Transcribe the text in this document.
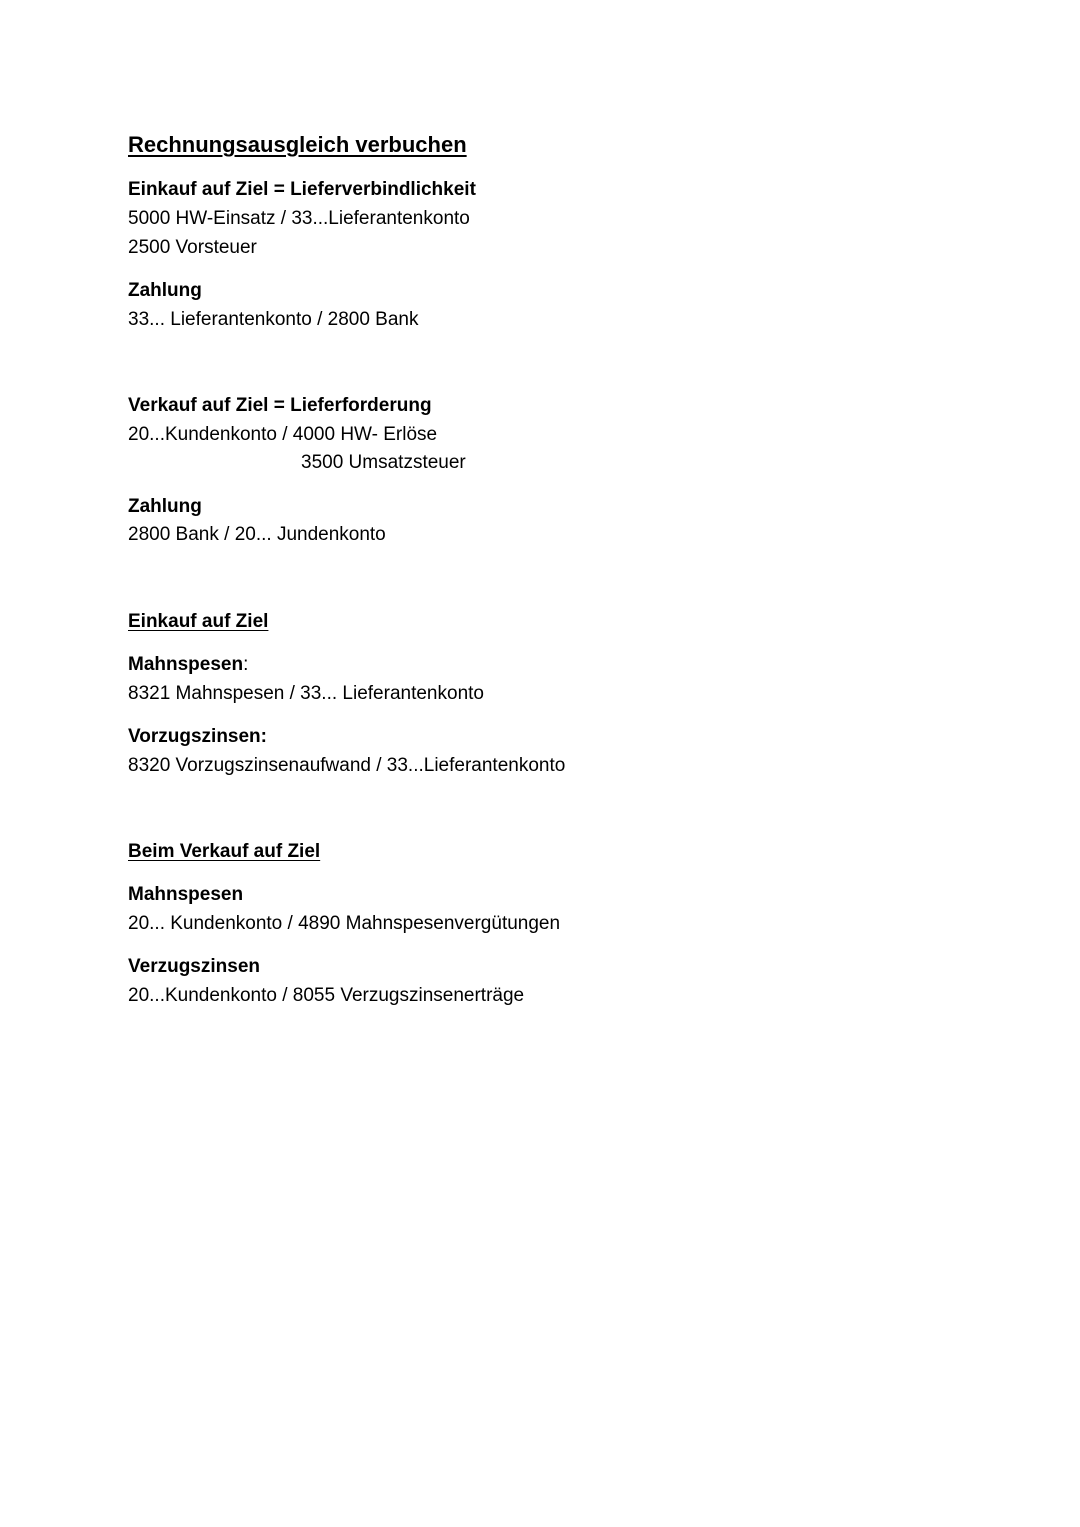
Rechnungsausgleich verbuchen
Einkauf auf Ziel = Lieferverbindlichkeit
5000 HW-Einsatz / 33...Lieferantenkonto
2500 Vorsteuer
Zahlung
33... Lieferantenkonto / 2800 Bank
Verkauf auf Ziel = Lieferforderung
20...Kundenkonto / 4000 HW- Erlöse
3500 Umsatzsteuer
Zahlung
2800 Bank / 20... Jundenkonto
Einkauf auf Ziel
Mahnspesen:
8321 Mahnspesen / 33... Lieferantenkonto
Vorzugszinsen:
8320 Vorzugszinsenaufwand / 33...Lieferantenkonto
Beim Verkauf auf Ziel
Mahnspesen
20... Kundenkonto / 4890 Mahnspesenvergütungen
Verzugszinsen
20...Kundenkonto / 8055 Verzugszinsenerträge
